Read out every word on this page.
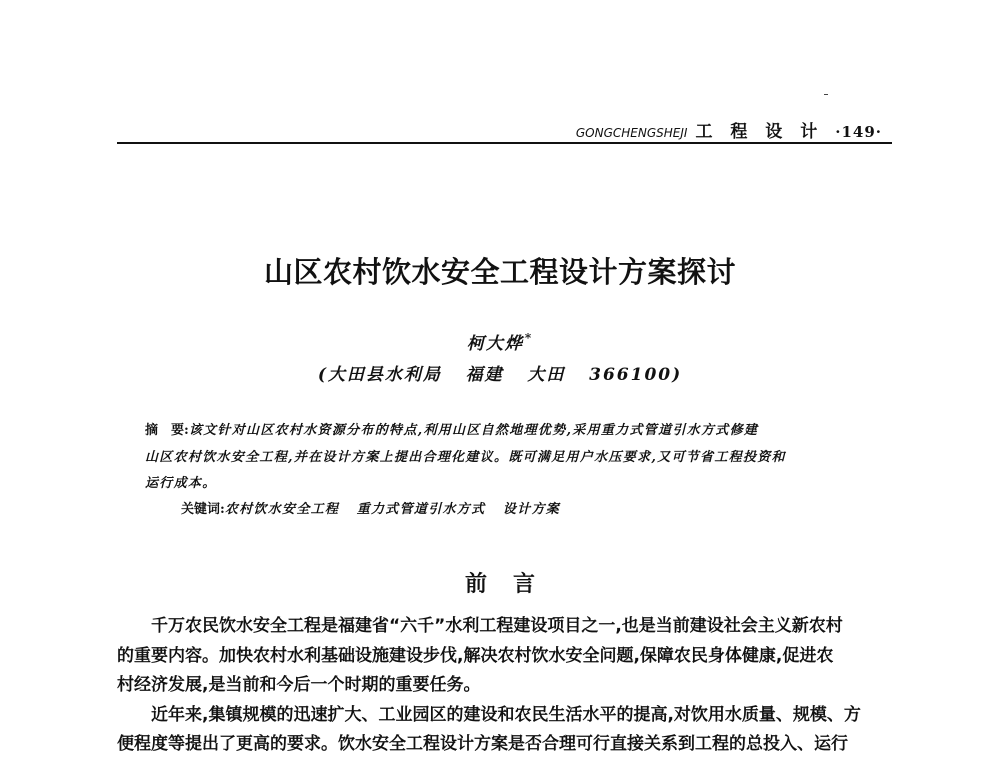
GONGCHENGSHEJI 工 程 设 计 ·149·
山区农村饮水安全工程设计方案探讨
柯大烨*
(大田县水利局   福建   大田   366100)
摘　要:该文针对山区农村水资源分布的特点,利用山区自然地理优势,采用重力式管道引水方式修建
山区农村饮水安全工程,并在设计方案上提出合理化建议。既可满足用户水压要求,又可节省工程投资和
运行成本。
关键词:农村饮水安全工程   重力式管道引水方式   设计方案
前言
千万农民饮水安全工程是福建省“六千”水利工程建设项目之一,也是当前建设社会主义新农村
的重要内容。加快农村水利基础设施建设步伐,解决农村饮水安全问题,保障农民身体健康,促进农
村经济发展,是当前和今后一个时期的重要任务。
近年来,集镇规模的迅速扩大、工业园区的建设和农民生活水平的提高,对饮用水质量、规模、方
便程度等提出了更高的要求。饮水安全工程设计方案是否合理可行直接关系到工程的总投入、运行
